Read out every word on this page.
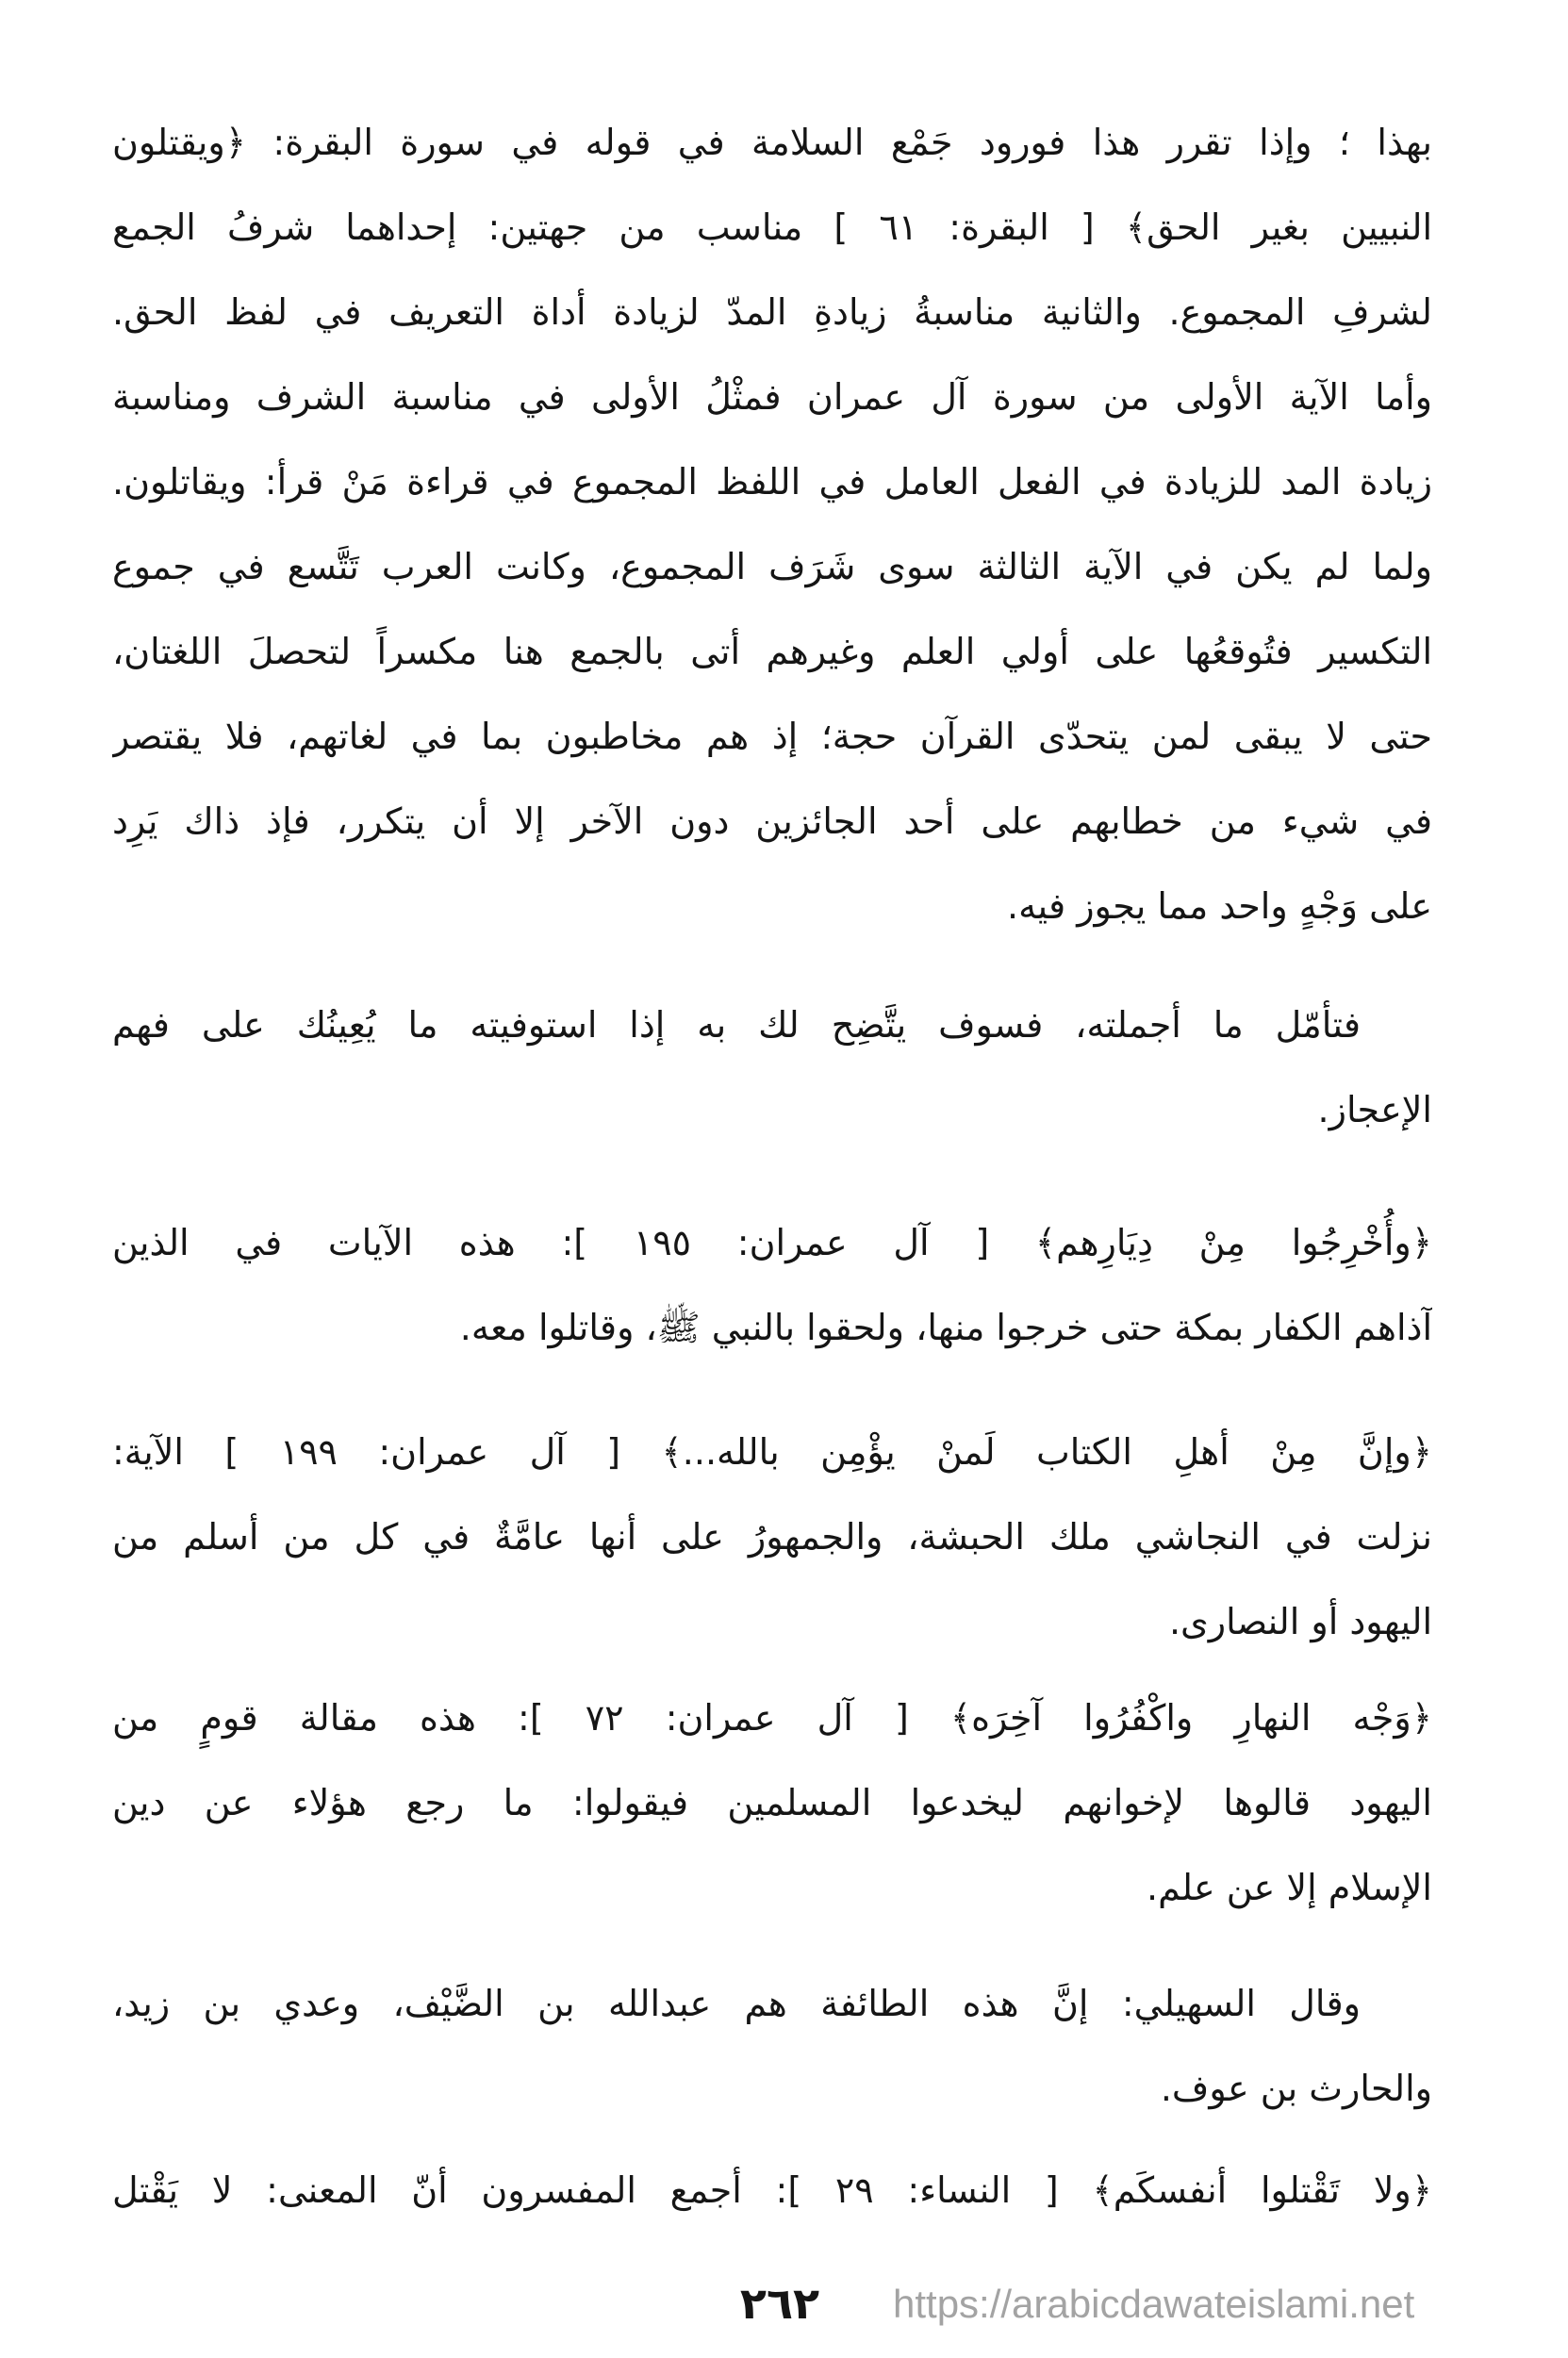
بهذا ؛ وإذا تقرر هذا فورود جَمْع السلامة في قوله في سورة البقرة: ﴿ويقتلون
النبيين بغير الحق﴾ [ البقرة: ٦١ ] مناسب من جهتين: إحداهما شرفُ الجمع
لشرفِ المجموع. والثانية مناسبةُ زيادةِ المدّ لزيادة أداة التعريف في لفظ الحق.
وأما الآية الأولى من سورة آل عمران فمثْلُ الأولى في مناسبة الشرف ومناسبة
زيادة المد للزيادة في الفعل العامل في اللفظ المجموع في قراءة مَنْ قرأ: ويقاتلون.
ولما لم يكن في الآية الثالثة سوى شَرَف المجموع، وكانت العرب تَتَّسع في جموع
التكسير فتُوقعُها على أولي العلم وغيرهم أتى بالجمع هنا مكسراً لتحصلَ اللغتان،
حتى لا يبقى لمن يتحدّى القرآن حجة؛ إذ هم مخاطبون بما في لغاتهم، فلا يقتصر
في شيء من خطابهم على أحد الجائزين دون الآخر إلا أن يتكرر، فإذ ذاك يَرِد
على وَجْهٍ واحد مما يجوز فيه.
فتأمّل ما أجملته، فسوف يتَّضِح لك به إذا استوفيته ما يُعِينُك على فهم
الإعجاز.
﴿وأُخْرِجُوا مِنْ دِيَارِهم﴾ [ آل عمران: ١٩٥ ]: هذه الآيات في الذين
آذاهم الكفار بمكة حتى خرجوا منها، ولحقوا بالنبي ﷺ، وقاتلوا معه.
﴿وإنَّ مِنْ أهلِ الكتاب لَمنْ يؤْمِن بالله...﴾ [ آل عمران: ١٩٩ ] الآية:
نزلت في النجاشي ملك الحبشة، والجمهورُ على أنها عامَّةٌ في كل من أسلم من
اليهود أو النصارى.
﴿وَجْه النهارِ واكْفُرُوا آخِرَه﴾ [ آل عمران: ٧٢ ]: هذه مقالة قومٍ من
اليهود قالوها لإخوانهم ليخدعوا المسلمين فيقولوا: ما رجع هؤلاء عن دين
الإسلام إلا عن علم.
وقال السهيلي: إنَّ هذه الطائفة هم عبدالله بن الضَّيْف، وعدي بن زيد،
والحارث بن عوف.
﴿ولا تَقْتلوا أنفسكَم﴾ [ النساء: ٢٩ ]: أجمع المفسرون أنّ المعنى: لا يَقْتل
٢٦٢	https://arabicdawateislami.net
